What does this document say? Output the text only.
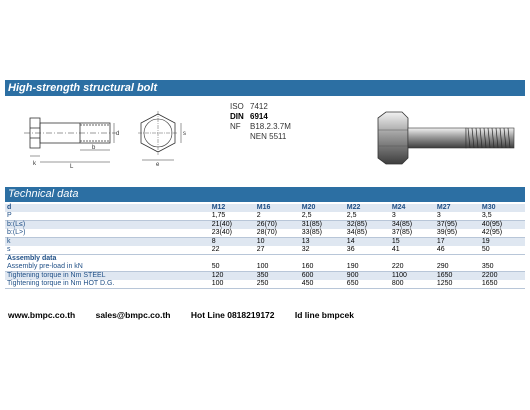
High-strength structural bolt
k	L
b
d	s
e
ISO 7412
DIN 6914
NF B18.2.3.7M
NEN 5511
Technical data
d	M12	M16	M20	M22	M24	M27	M30
P	1,75	2	2,5	2,5	3	3	3,5
b:(L≤)	21(40)	26(70)	31(85)	32(85)	34(85)	37(95)	40(95)
b:(L>)	23(40)	28(70)	33(85)	34(85)	37(85)	39(95)	42(95)
k	8	10	13	14	15	17	19
s	22	27	32	36	41	46	50
Assembly data							
Assembly pre-load in kN	50	100	160	190	220	290	350
Tightening torque in Nm STEEL	120	350	600	900	1100	1650	2200
Tightening torque in Nm HOT D.G.	100	250	450	650	800	1250	1650
www.bmpc.co.th sales@bmpc.co.th Hot Line 0818219172 Id line bmpcek
